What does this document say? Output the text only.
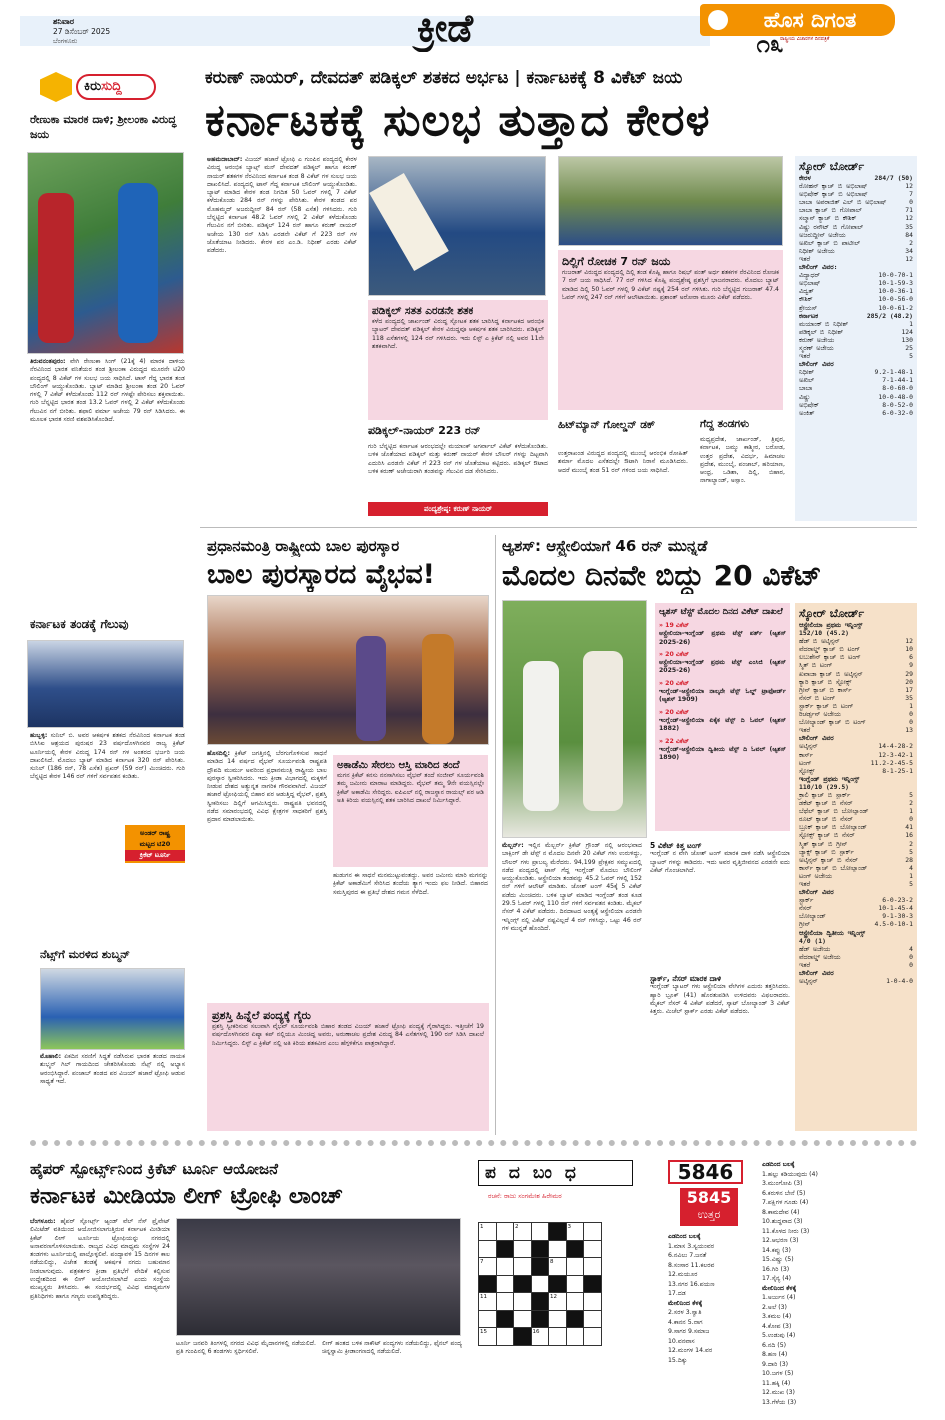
ಶನಿವಾರ
27 ಡಿಸೆಂಬರ್ 2025
ಬೆಂಗಳೂರು	ಕ್ರೀಡೆ	ಹೊಸ ದಿಗಂತ
ರಾಷ್ಟ್ರೀಯ ವಿಚಾರಗಳ ದಿನಪತ್ರಿಕೆ
೧೩
ಕಿರುಸುದ್ದಿ
ರೇಣುಕಾ ಮಾರಕ ದಾಳಿ; ಶ್ರೀಲಂಕಾ ವಿರುದ್ಧ ಜಯ
ತಿರುವನಂತಪುರಂ: ವೇಗಿ ರೇಣುಕಾ ಸಿಂಗ್ (21ಕ್ಕೆ 4) ಮಾರಕ ದಾಳಿಯ ನೆರವಿನಿಂದ ಭಾರತ ವನಿತೆಯರ ತಂಡ ಶ್ರೀಲಂಕಾ ವಿರುದ್ಧದ ಮೂರನೇ ಟಿ20 ಪಂದ್ಯದಲ್ಲಿ 8 ವಿಕೆಟ್ ಗಳ ಸುಲಭ ಜಯ ಸಾಧಿಸಿದೆ. ಟಾಸ್ ಗೆದ್ದ ಭಾರತ ತಂಡ ಬೌಲಿಂಗ್ ಆಯ್ದುಕೊಂಡಿತು. ಬ್ಯಾಟ್ ಮಾಡಿದ ಶ್ರೀಲಂಕಾ ತಂಡ 20 ಓವರ್ ಗಳಲ್ಲಿ 7 ವಿಕೆಟ್ ಕಳೆದುಕೊಂಡು 112 ರನ್ ಗಳಷ್ಟೇ ಪೇರಿಸಲು ಶಕ್ತವಾಯಿತು. ಗುರಿ ಬೆನ್ನಟ್ಟಿದ ಭಾರತ ತಂಡ 13.2 ಓವರ್ ಗಳಲ್ಲಿ 2 ವಿಕೆಟ್ ಕಳೆದುಕೊಂಡು ಗೆಲುವಿನ ನಗೆ ಬೀರಿತು. ಶಫಾಲಿ ವರ್ಮಾ ಅಜೇಯ 79 ರನ್ ಸಿಡಿಸಿದರು. ಈ ಮೂಲಕ ಭಾರತ ಸರಣಿ ವಶಪಡಿಸಿಕೊಂಡಿದೆ.
ಕರ್ನಾಟಕ ತಂಡಕ್ಕೆ ಗೆಲುವು
ಹುಬ್ಬಳ್ಳಿ: ಸುನಿಲ್ ಬಿ. ಅವರ ಆಕರ್ಷಕ ಶತಕದ ನೆರವಿನಿಂದ ಕರ್ನಾಟಕ ತಂಡ ಬಿಸಿಸಿಐ ಆಶ್ರಯದ ಪುರುಷರ 23 ವರ್ಷದೊಳಗಿನವರ ರಾಜ್ಯ ಕ್ರಿಕೆಟ್ ಟೂರ್ನಿಯಲ್ಲಿ ಕೇರಳ ವಿರುದ್ಧ 174 ರನ್ ಗಳ ಅಂತರದ ಭರ್ಜರಿ ಜಯ ದಾಖಲಿಸಿದೆ. ಮೊದಲು ಬ್ಯಾಟ್ ಮಾಡಿದ ಕರ್ನಾಟಕ 320 ರನ್ ಪೇರಿಸಿತು. ಸುನಿಲ್ (186 ರನ್, 78 ಎಸೆತ) ಪ್ರಖರ್ (59 ರನ್) ಮಿಂಚಿದರು. ಗುರಿ ಬೆನ್ನಟ್ಟಿದ ಕೇರಳ 146 ರನ್ ಗಳಿಗೆ ಸರ್ವಪತನ ಕಂಡಿತು.
ಅಂಡರ್ ರಾಷ್ಟ್ರ
ಮಟ್ಟದ ಟಿ20
ಕ್ರಿಕೆಟ್ ಟೂರ್ನಿ
ನೆಟ್ಸ್‌ಗೆ ಮರಳಿದ ಶುಬ್ಮನ್
ಮೊಹಾಲಿ: ಏಕದಿನ ಸರಣಿಗೆ ಸಿದ್ಧತೆ ನಡೆಸಿರುವ ಭಾರತ ತಂಡದ ನಾಯಕ ಶುಭ್ಮನ್ ಗಿಲ್ ಗಾಯದಿಂದ ಚೇತರಿಸಿಕೊಂಡು ನೆಟ್ಸ್ ನಲ್ಲಿ ಅಭ್ಯಾಸ ಆರಂಭಿಸಿದ್ದಾರೆ. ಪಂಜಾಬ್ ತಂಡದ ಪರ ವಿಜಯ್ ಹಜಾರೆ ಟ್ರೋಫಿ ಆಡುವ ಸಾಧ್ಯತೆ ಇದೆ.
ಕರುಣ್ ನಾಯರ್, ದೇವದತ್ ಪಡಿಕ್ಕಲ್ ಶತಕದ ಅರ್ಭಟ | ಕರ್ನಾಟಕಕ್ಕೆ 8 ವಿಕೆಟ್ ಜಯ
ಕರ್ನಾಟಕಕ್ಕೆ ಸುಲಭ ತುತ್ತಾದ ಕೇರಳ
ಅಹಮದಾಬಾದ್: ವಿಜಯ್ ಹಜಾರೆ ಟ್ರೋಫಿ ಎ ಗುಂಪಿನ ಪಂದ್ಯದಲ್ಲಿ ಕೇರಳ ವಿರುದ್ಧ ಆರಂಭಿಕ ಬ್ಯಾಟ್ಸ್ ಮನ್ ದೇವದತ್ ಪಡಿಕ್ಕಲ್ ಹಾಗೂ ಕರುಣ್ ನಾಯರ್ ಶತಕಗಳ ನೆರವಿನಿಂದ ಕರ್ನಾಟಕ ತಂಡ 8 ವಿಕೆಟ್ ಗಳ ಸುಲಭ ಜಯ ದಾಖಲಿಸಿದೆ. ಪಂದ್ಯದಲ್ಲಿ ಟಾಸ್ ಗೆದ್ದ ಕರ್ನಾಟಕ ಬೌಲಿಂಗ್ ಆಯ್ದುಕೊಂಡಿತು. ಬ್ಯಾಟ್ ಮಾಡಿದ ಕೇರಳ ತಂಡ ನಿಗದಿತ 50 ಓವರ್ ಗಳಲ್ಲಿ 7 ವಿಕೆಟ್ ಕಳೆದುಕೊಂಡು 284 ರನ್ ಗಳನ್ನು ಪೇರಿಸಿತು. ಕೇರಳ ತಂಡದ ಪರ ಮೊಹಮ್ಮದ್ ಅಜರುದ್ದೀನ್ 84 ರನ್ (58 ಎಸೆತ) ಗಳಿಸಿದರು. ಗುರಿ ಬೆನ್ನಟ್ಟಿದ ಕರ್ನಾಟಕ 48.2 ಓವರ್ ಗಳಲ್ಲಿ 2 ವಿಕೆಟ್ ಕಳೆದುಕೊಂಡು ಗೆಲುವಿನ ನಗೆ ಬೀರಿತು. ಪಡಿಕ್ಕಲ್ 124 ರನ್ ಹಾಗೂ ಕರುಣ್ ನಾಯರ್ ಅಜೇಯ 130 ರನ್ ಸಿಡಿಸಿ ಎರಡನೇ ವಿಕೆಟ್ ಗೆ 223 ರನ್ ಗಳ ಜೊತೆಯಾಟ ನೀಡಿದರು. ಕೇರಳ ಪರ ಎಂ.ಡಿ. ನಿಧೀಶ್ ಎರಡು ವಿಕೆಟ್ ಪಡೆದರು.
ಪಡಿಕ್ಕಲ್ ಸತತ ಎರಡನೇ ಶತಕ
ಕಳೆದ ಪಂದ್ಯದಲ್ಲಿ ಜಾರ್ಖಂಡ್ ವಿರುದ್ಧ ಸ್ಫೋಟಕ ಶತಕ ಬಾರಿಸಿದ್ದ ಕರ್ನಾಟಕದ ಆರಂಭಿಕ ಬ್ಯಾಟರ್ ದೇವದತ್ ಪಡಿಕ್ಕಲ್ ಕೇರಳ ವಿರುದ್ಧವೂ ಆಕರ್ಷಕ ಶತಕ ಬಾರಿಸಿದರು. ಪಡಿಕ್ಕಲ್ 118 ಎಸೆತಗಳಲ್ಲಿ 124 ರನ್ ಗಳಿಸಿದರು. ಇದು ಲಿಸ್ಟ್ ಎ ಕ್ರಿಕೆಟ್ ನಲ್ಲಿ ಅವರ 11ನೇ ಶತಕವಾಗಿದೆ.
ದಿಲ್ಲಿಗೆ ರೋಚಕ 7 ರನ್ ಜಯ
ಗುಜರಾತ್ ವಿರುದ್ಧದ ಪಂದ್ಯದಲ್ಲಿ ದಿಲ್ಲಿ ತಂಡ ಕೊಹ್ಲಿ ಹಾಗೂ ರಿಷಭ್ ಪಂತ್ ಅರ್ಧ ಶತಕಗಳ ನೆರವಿನಿಂದ ರೋಚಕ 7 ರನ್ ಜಯ ಸಾಧಿಸಿದೆ. 77 ರನ್ ಗಳಿಸಿದ ಕೊಹ್ಲಿ ಪಂದ್ಯಶ್ರೇಷ್ಠ ಪ್ರಶಸ್ತಿಗೆ ಭಾಜನರಾದರು. ಮೊದಲು ಬ್ಯಾಟ್ ಮಾಡಿದ ದಿಲ್ಲಿ 50 ಓವರ್ ಗಳಲ್ಲಿ 9 ವಿಕೆಟ್ ನಷ್ಟಕ್ಕೆ 254 ರನ್ ಗಳಿಸಿತು. ಗುರಿ ಬೆನ್ನಟ್ಟಿದ ಗುಜರಾತ್ 47.4 ಓವರ್ ಗಳಲ್ಲಿ 247 ರನ್ ಗಳಿಗೆ ಆಲೌಟಾಯಿತು. ಪ್ರಶಾಂತ್ ಅರೋರಾ ಮೂರು ವಿಕೆಟ್ ಪಡೆದರು.
ಪಡಿಕ್ಕಲ್-ನಾಯರ್ 223 ರನ್
ಗುರಿ ಬೆನ್ನಟ್ಟಿದ ಕರ್ನಾಟಕ ಆರಂಭದಲ್ಲೇ ಮಯಾಂಕ್ ಅಗರ್ವಾಲ್ ವಿಕೆಟ್ ಕಳೆದುಕೊಂಡಿತು. ಬಳಿಕ ಜೊತೆಯಾದ ಪಡಿಕ್ಕಲ್ ಮತ್ತು ಕರುಣ್ ನಾಯರ್ ಕೇರಳ ಬೌಲರ್ ಗಳನ್ನು ದಿಟ್ಟವಾಗಿ ಎದುರಿಸಿ ಎರಡನೇ ವಿಕೆಟ್ ಗೆ 223 ರನ್ ಗಳ ಜೊತೆಯಾಟ ಕಟ್ಟಿದರು. ಪಡಿಕ್ಕಲ್ ಔಟಾದ ಬಳಿಕ ಕರುಣ್ ಅಜೇಯರಾಗಿ ತಂಡವನ್ನು ಗೆಲುವಿನ ದಡ ಸೇರಿಸಿದರು.
ಪಂದ್ಯಶ್ರೇಷ್ಠ: ಕರುಣ್ ನಾಯರ್
ಹಿಟ್‌ಮ್ಯಾನ್ ಗೋಲ್ಡನ್ ಡಕ್
ಉತ್ತರಾಖಂಡ ವಿರುದ್ಧದ ಪಂದ್ಯದಲ್ಲಿ ಮುಂಬೈ ಆರಂಭಿಕ ರೋಹಿತ್ ಶರ್ಮಾ ಮೊದಲ ಎಸೆತದಲ್ಲೇ ಔಟಾಗಿ ನಿರಾಸೆ ಮೂಡಿಸಿದರು. ಆದರೆ ಮುಂಬೈ ತಂಡ 51 ರನ್ ಗಳಿಂದ ಜಯ ಸಾಧಿಸಿದೆ.
ಗೆದ್ದ ತಂಡಗಳು
ಮಧ್ಯಪ್ರದೇಶ, ಜಾರ್ಖಂಡ್, ತ್ರಿಪುರ, ಕರ್ನಾಟಕ, ಜಮ್ಮು ಕಾಶ್ಮೀರ, ಬರೋಡ, ಉತ್ತರ ಪ್ರದೇಶ, ವಿದರ್ಭ, ಹಿಮಾಚಲ ಪ್ರದೇಶ, ಮುಂಬೈ, ಪಂಜಾಬ್, ಹರಿಯಾಣ, ಆಂಧ್ರ, ಒಡಿಶಾ, ದಿಲ್ಲಿ, ಬಿಹಾರ, ನಾಗಾಲ್ಯಾಂಡ್, ಅಸ್ಸಾಂ.
ಸ್ಕೋರ್ ಬೋರ್ಡ್
ಕೇರಳ	284/7 (50)
ರೋಹನ್ ಕ್ಯಾಚ್ ಬಿ ಅಭಿಲಾಷ್	12
ಅಭಿಷೇಕ್ ಕ್ಯಾಚ್ ಬಿ ಅಭಿಲಾಷ್	7
ಬಾಬಾ ಅಪರಾಜಿತ್ ಎಲ್ ಬಿ ಅಭಿಲಾಷ್	0
ಬಾಬಾ ಕ್ಯಾಚ್ ಬಿ ಗೋಪಾಲ್	71
ಸಲ್ಮಾನ್ ಕ್ಯಾಚ್ ಬಿ ಕೌಶಿಕ್	12
ವಿಷ್ಣು ರನೌಟ್ ಬಿ ಗೋಪಾಲ್	35
ಅಜರುದ್ದೀನ್ ಅಜೇಯ	84
ಅಖಿಲ್ ಕ್ಯಾಚ್ ಬಿ ಪಾಟೀಲ್	2
ನಿಧೀಶ್ ಅಜೇಯ	34
ಇತರೆ	12
ಬೌಲಿಂಗ್ ವಿವರ:
ವಿದ್ಯಾಧರ್	10-0-70-1
ಅಭಿಲಾಷ್	10-1-59-3
ವಿದ್ವತ್	10-0-36-1
ಕೌಶಿಕ್	10-0-56-0
ಶ್ರೇಯಸ್	10-0-61-2
ಕರ್ನಾಟಕ	285/2 (48.2)
ಮಯಾಂಕ್ ಬಿ ನಿಧೀಶ್	1
ಪಡಿಕ್ಕಲ್ ಬಿ ನಿಧೀಶ್	124
ಕರುಣ್ ಅಜೇಯ	130
ಸ್ಮರಣ್ ಅಜೇಯ	25
ಇತರೆ	5
ಬೌಲಿಂಗ್ ವಿವರ
ನಿಧೀಶ್	9.2-1-48-1
ಅಖಿಲ್	7-1-44-1
ಬಾಬಾ	8-0-60-0
ವಿಷ್ಣು	10-0-48-0
ಅಭಿಷೇಕ್	8-0-52-0
ಅಂಕಿತ್	6-0-32-0
ಪ್ರಧಾನಮಂತ್ರಿ ರಾಷ್ಟ್ರೀಯ ಬಾಲ ಪುರಸ್ಕಾರ
ಬಾಲ ಪುರಸ್ಕಾರದ ವೈಭವ!
ಹೊಸದಿಲ್ಲಿ: ಕ್ರಿಕೆಟ್ ಜಗತ್ತಿನಲ್ಲಿ ಬೆರಗುಗೊಳಿಸುವ ಸಾಧನೆ ಮಾಡಿದ 14 ವರ್ಷದ ವೈಭವ್ ಸೂರ್ಯವಂಶಿ ರಾಷ್ಟ್ರಪತಿ ದ್ರೌಪದಿ ಮುರ್ಮು ಅವರಿಂದ ಪ್ರಧಾನಮಂತ್ರಿ ರಾಷ್ಟ್ರೀಯ ಬಾಲ ಪುರಸ್ಕಾರ ಸ್ವೀಕರಿಸಿದರು. ಇದು ಕ್ರೀಡಾ ವಿಭಾಗದಲ್ಲಿ ಮಕ್ಕಳಿಗೆ ನೀಡುವ ದೇಶದ ಅತ್ಯುನ್ನತ ನಾಗರಿಕ ಗೌರವವಾಗಿದೆ. ವಿಜಯ್ ಹಜಾರೆ ಟ್ರೋಫಿಯಲ್ಲಿ ಬಿಹಾರ ಪರ ಆಡುತ್ತಿದ್ದ ವೈಭವ್, ಪ್ರಶಸ್ತಿ ಸ್ವೀಕರಿಸಲು ದಿಲ್ಲಿಗೆ ಆಗಮಿಸಿದ್ದರು. ರಾಷ್ಟ್ರಪತಿ ಭವನದಲ್ಲಿ ನಡೆದ ಸಮಾರಂಭದಲ್ಲಿ ವಿವಿಧ ಕ್ಷೇತ್ರಗಳ ಸಾಧಕರಿಗೆ ಪ್ರಶಸ್ತಿ ಪ್ರದಾನ ಮಾಡಲಾಯಿತು.
ಅಕಾಡೆಮಿ ಸೇರಲು ಆಸ್ತಿ ಮಾರಿದ ತಂದೆ
ಮಗನ ಕ್ರಿಕೆಟ್ ಕನಸು ನನಸಾಗಿಸಲು ವೈಭವ್ ತಂದೆ ಸಂಜೀವ್ ಸೂರ್ಯವಂಶಿ ತಮ್ಮ ಜಮೀನು ಮಾರಾಟ ಮಾಡಿದ್ದರು. ವೈಭವ್ ತಮ್ಮ 9ನೇ ವಯಸ್ಸಿನಲ್ಲೇ ಕ್ರಿಕೆಟ್ ಅಕಾಡೆಮಿ ಸೇರಿದ್ದರು. ಐಪಿಎಲ್ ನಲ್ಲಿ ರಾಜಸ್ಥಾನ ರಾಯಲ್ಸ್ ಪರ ಆಡಿ ಅತಿ ಕಿರಿಯ ವಯಸ್ಸಿನಲ್ಲಿ ಶತಕ ಬಾರಿಸಿದ ದಾಖಲೆ ನಿರ್ಮಿಸಿದ್ದಾರೆ.
ಹುಡುಗನ ಈ ಸಾಧನೆ ಮನಮುಟ್ಟುವಂತದ್ದು. ಅವರ ಜಮೀನು ಮಾರಿ ಮಗನನ್ನು ಕ್ರಿಕೆಟ್ ಅಕಾಡೆಮಿಗೆ ಸೇರಿಸಿದ ತಂದೆಯ ತ್ಯಾಗ ಇಂದು ಫಲ ನೀಡಿದೆ. ಬಿಹಾರದ ಸಮಸ್ತಿಪುರದ ಈ ಪ್ರತಿಭೆ ದೇಶದ ಗಮನ ಸೆಳೆದಿದೆ.
ಪ್ರಶಸ್ತಿ ಹಿನ್ನೆಲೆ ಪಂದ್ಯಕ್ಕೆ ಗೈರು
ಪ್ರಶಸ್ತಿ ಸ್ವೀಕರಿಸುವ ಸಲುವಾಗಿ ವೈಭವ್ ಸೂರ್ಯವಂಶಿ ಬಿಹಾರ ತಂಡದ ವಿಜಯ್ ಹಜಾರೆ ಟ್ರೋಫಿ ಪಂದ್ಯಕ್ಕೆ ಗೈರಾಗಿದ್ದರು. ಇತ್ತೀಚೆಗೆ 19 ವರ್ಷದೊಳಗಿನವರ ಏಷ್ಯಾ ಕಪ್ ನಲ್ಲಿಯೂ ಮಿಂಚಿದ್ದ ಅವರು, ಅರುಣಾಚಲ ಪ್ರದೇಶ ವಿರುದ್ಧ 84 ಎಸೆತಗಳಲ್ಲಿ 190 ರನ್ ಸಿಡಿಸಿ ದಾಖಲೆ ನಿರ್ಮಿಸಿದ್ದರು. ಲಿಸ್ಟ್ ಎ ಕ್ರಿಕೆಟ್ ನಲ್ಲಿ ಅತಿ ಕಿರಿಯ ಶತಕವೀರ ಎಂಬ ಹೆಗ್ಗಳಿಕೆಗೂ ಪಾತ್ರರಾಗಿದ್ದಾರೆ.
ಆ್ಯಶಸ್: ಆಸ್ಟ್ರೇಲಿಯಾಗೆ 46 ರನ್ ಮುನ್ನಡೆ
ಮೊದಲ ದಿನವೇ ಬಿದ್ದು 20 ವಿಕೆಟ್
ಆ್ಯಶಸ್ ಟೆಸ್ಟ್ ಮೊದಲ ದಿನದ ವಿಕೆಟ್ ದಾಖಲೆ
» 19 ವಿಕೆಟ್
ಆಸ್ಟ್ರೇಲಿಯಾ-ಇಂಗ್ಲೆಂಡ್ ಪ್ರಥಮ ಟೆಸ್ಟ್ ಪರ್ತ್ (ಆ್ಯಶಸ್ 2025-26)
» 20 ವಿಕೆಟ್
ಆಸ್ಟ್ರೇಲಿಯಾ-ಇಂಗ್ಲೆಂಡ್ ಪ್ರಥಮ ಟೆಸ್ಟ್ ಎಂಸಿಜಿ (ಆ್ಯಶಸ್ 2025-26)
» 20 ವಿಕೆಟ್
ಇಂಗ್ಲೆಂಡ್-ಆಸ್ಟ್ರೇಲಿಯಾ ನಾಲ್ಕನೇ ಟೆಸ್ಟ್ ಓಲ್ಡ್ ಟ್ರಾಫೋರ್ಡ್ (ಆ್ಯಶಸ್ 1909)
» 20 ವಿಕೆಟ್
ಇಂಗ್ಲೆಂಡ್-ಆಸ್ಟ್ರೇಲಿಯಾ ಏಕೈಕ ಟೆಸ್ಟ್ ದಿ ಓವಲ್ (ಆ್ಯಶಸ್ 1882)
» 22 ವಿಕೆಟ್
ಇಂಗ್ಲೆಂಡ್-ಆಸ್ಟ್ರೇಲಿಯಾ ದ್ವಿತೀಯ ಟೆಸ್ಟ್ ದಿ ಓವಲ್ (ಆ್ಯಶಸ್ 1890)
ಮೆಲ್ಬರ್ನ್: ಇಲ್ಲಿನ ಮೆಲ್ಬರ್ನ್ ಕ್ರಿಕೆಟ್ ಗ್ರೌಂಡ್ ನಲ್ಲಿ ಆರಂಭವಾದ ಬಾಕ್ಸಿಂಗ್ ಡೇ ಟೆಸ್ಟ್ ನ ಮೊದಲ ದಿನವೇ 20 ವಿಕೆಟ್ ಗಳು ಉರುಳಿದ್ದು, ಬೌಲರ್ ಗಳು ಪ್ರಾಬಲ್ಯ ಮೆರೆದರು. 94,199 ಪ್ರೇಕ್ಷಕರ ಸಮ್ಮುಖದಲ್ಲಿ ನಡೆದ ಪಂದ್ಯದಲ್ಲಿ ಟಾಸ್ ಗೆದ್ದ ಇಂಗ್ಲೆಂಡ್ ಮೊದಲು ಬೌಲಿಂಗ್ ಆಯ್ದುಕೊಂಡಿತು. ಆಸ್ಟ್ರೇಲಿಯಾ ತಂಡವನ್ನು 45.2 ಓವರ್ ಗಳಲ್ಲಿ 152 ರನ್ ಗಳಿಗೆ ಆಲೌಟ್ ಮಾಡಿತು. ಜೋಶ್ ಟಂಗ್ 45ಕ್ಕೆ 5 ವಿಕೆಟ್ ಪಡೆದು ಮಿಂಚಿದರು. ಬಳಿಕ ಬ್ಯಾಟ್ ಮಾಡಿದ ಇಂಗ್ಲೆಂಡ್ ತಂಡ ಕೂಡ 29.5 ಓವರ್ ಗಳಲ್ಲಿ 110 ರನ್ ಗಳಿಗೆ ಸರ್ವಪತನ ಕಂಡಿತು. ಮೈಕಲ್ ನೆಸರ್ 4 ವಿಕೆಟ್ ಪಡೆದರು. ದಿನದಾಟದ ಅಂತ್ಯಕ್ಕೆ ಆಸ್ಟ್ರೇಲಿಯಾ ಎರಡನೇ ಇನ್ನಿಂಗ್ಸ್ ನಲ್ಲಿ ವಿಕೆಟ್ ನಷ್ಟವಿಲ್ಲದೆ 4 ರನ್ ಗಳಿಸಿದ್ದು, ಒಟ್ಟು 46 ರನ್ ಗಳ ಮುನ್ನಡೆ ಹೊಂದಿದೆ.
5 ವಿಕೆಟ್ ಕಿತ್ತ ಟಂಗ್
ಇಂಗ್ಲೆಂಡ್ ನ ವೇಗಿ ಜೋಶ್ ಟಂಗ್ ಮಾರಕ ದಾಳಿ ನಡೆಸಿ ಆಸ್ಟ್ರೇಲಿಯಾ ಬ್ಯಾಟರ್ ಗಳನ್ನು ಕಾಡಿದರು. ಇದು ಅವರ ವೃತ್ತಿಜೀವನದ ಎರಡನೇ ಐದು ವಿಕೆಟ್ ಗೊಂಚಲಾಗಿದೆ.
ಸ್ಟಾರ್ಕ್, ನೆಸರ್ ಮಾರಕ ದಾಳಿ
ಇಂಗ್ಲೆಂಡ್ ಬ್ಯಾಟರ್ ಗಳು ಆಸ್ಟ್ರೇಲಿಯಾ ವೇಗಿಗಳ ಎದುರು ತತ್ತರಿಸಿದರು. ಹ್ಯಾರಿ ಬ್ರೂಕ್ (41) ಹೊರತುಪಡಿಸಿ ಉಳಿದವರು ವಿಫಲರಾದರು. ಮೈಕಲ್ ನೆಸರ್ 4 ವಿಕೆಟ್ ಪಡೆದರೆ, ಸ್ಕಾಟ್ ಬೋಲ್ಯಾಂಡ್ 3 ವಿಕೆಟ್ ಕಿತ್ತರು. ಮಿಚೆಲ್ ಸ್ಟಾರ್ಕ್ ಎರಡು ವಿಕೆಟ್ ಪಡೆದರು.
ಸ್ಕೋರ್ ಬೋರ್ಡ್
ಆಸ್ಟ್ರೇಲಿಯಾ ಪ್ರಥಮ ಇನ್ನಿಂಗ್ಸ್
152/10 (45.2)
ಹೆಡ್ ಬಿ ಅಟ್ಕಿನ್ಸನ್	12
ವೆದರಾಲ್ಡ್ ಕ್ಯಾಚ್ ಬಿ ಟಂಗ್	10
ಲಬುಶೇನ್ ಕ್ಯಾಚ್ ಬಿ ಟಂಗ್	6
ಸ್ಮಿತ್ ಬಿ ಟಂಗ್	9
ಖವಾಜಾ ಕ್ಯಾಚ್ ಬಿ ಅಟ್ಕಿನ್ಸನ್	29
ಕ್ಯಾರಿ ಕ್ಯಾಚ್ ಬಿ ಸ್ಟೋಕ್ಸ್	20
ಗ್ರೀನ್ ಕ್ಯಾಚ್ ಬಿ ಕಾರ್ಸ್	17
ನೆಸರ್ ಬಿ ಟಂಗ್	35
ಸ್ಟಾರ್ಕ್ ಕ್ಯಾಚ್ ಬಿ ಟಂಗ್	1
ರಿಚರ್ಡ್ಸನ್ ಅಜೇಯ	0
ಬೋಲ್ಯಾಂಡ್ ಕ್ಯಾಚ್ ಬಿ ಟಂಗ್	0
ಇತರೆ	13
ಬೌಲಿಂಗ್ ವಿವರ
ಅಟ್ಕಿನ್ಸನ್	14-4-28-2
ಕಾರ್ಸ್	12-3-42-1
ಟಂಗ್	11.2-2-45-5
ಸ್ಟೋಕ್ಸ್	8-1-25-1
ಇಂಗ್ಲೆಂಡ್ ಪ್ರಥಮ ಇನ್ನಿಂಗ್ಸ್
110/10 (29.5)
ಕ್ರಾಲಿ ಕ್ಯಾಚ್ ಬಿ ಸ್ಟಾರ್ಕ್	5
ಡಕೆಟ್ ಕ್ಯಾಚ್ ಬಿ ನೆಸರ್	2
ಬೆಥೆಲ್ ಕ್ಯಾಚ್ ಬಿ ಬೋಲ್ಯಾಂಡ್	1
ರೂಟ್ ಕ್ಯಾಚ್ ಬಿ ನೆಸರ್	0
ಬ್ರೂಕ್ ಕ್ಯಾಚ್ ಬಿ ಬೋಲ್ಯಾಂಡ್	41
ಸ್ಟೋಕ್ಸ್ ಕ್ಯಾಚ್ ಬಿ ನೆಸರ್	16
ಸ್ಮಿತ್ ಕ್ಯಾಚ್ ಬಿ ಗ್ರೀನ್	2
ಜ್ಯಾಕ್ಸ್ ಕ್ಯಾಚ್ ಬಿ ಸ್ಟಾರ್ಕ್	5
ಅಟ್ಕಿನ್ಸನ್ ಕ್ಯಾಚ್ ಬಿ ನೆಸರ್	28
ಕಾರ್ಸ್ ಕ್ಯಾಚ್ ಬಿ ಬೋಲ್ಯಾಂಡ್	4
ಟಂಗ್ ಅಜೇಯ	1
ಇತರೆ	5
ಬೌಲಿಂಗ್ ವಿವರ
ಸ್ಟಾರ್ಕ್	6-0-23-2
ನೆಸರ್	10-1-45-4
ಬೋಲ್ಯಾಂಡ್	9-1-30-3
ಗ್ರೀನ್	4.5-0-10-1
ಆಸ್ಟ್ರೇಲಿಯಾ ದ್ವಿತೀಯ ಇನ್ನಿಂಗ್ಸ್
4/0 (1)
ಹೆಡ್ ಅಜೇಯ	4
ವೆದರಾಲ್ಡ್ ಅಜೇಯ	0
ಇತರೆ	0
ಬೌಲಿಂಗ್ ವಿವರ
ಅಟ್ಕಿನ್ಸನ್	1-0-4-0
ಹೈಪರ್ ಸ್ಪೋರ್ಟ್ಸ್‌ನಿಂದ ಕ್ರಿಕೆಟ್ ಟೂರ್ನಿ ಆಯೋಜನೆ
ಕರ್ನಾಟಕ ಮೀಡಿಯಾ ಲೀಗ್ ಟ್ರೋಫಿ ಲಾಂಚ್
ಬೆಂಗಳೂರು: ಹೈಪರ್ ಸ್ಪೋರ್ಟ್ಸ್ ಆ್ಯಂಡ್ ವೆಲ್ ನೆಸ್ ಪ್ರೈವೇಟ್ ಲಿಮಿಟೆಡ್ ವತಿಯಿಂದ ಆಯೋಜಿಸಲಾಗುತ್ತಿರುವ ಕರ್ನಾಟಕ ಮೀಡಿಯಾ ಕ್ರಿಕೆಟ್ ಲೀಗ್ ಟೂರ್ನಿಯ ಟ್ರೋಫಿಯನ್ನು ನಗರದಲ್ಲಿ ಅನಾವರಣಗೊಳಿಸಲಾಯಿತು. ರಾಜ್ಯದ ವಿವಿಧ ಮಾಧ್ಯಮ ಸಂಸ್ಥೆಗಳ 24 ತಂಡಗಳು ಟೂರ್ನಿಯಲ್ಲಿ ಪಾಲ್ಗೊಳ್ಳಲಿವೆ. ಪಂದ್ಯಾವಳಿ 15 ದಿನಗಳ ಕಾಲ ನಡೆಯಲಿದ್ದು, ವಿಜೇತ ತಂಡಕ್ಕೆ ಆಕರ್ಷಕ ನಗದು ಬಹುಮಾನ ನೀಡಲಾಗುವುದು. ಪತ್ರಕರ್ತರ ಕ್ರೀಡಾ ಪ್ರತಿಭೆಗೆ ವೇದಿಕೆ ಕಲ್ಪಿಸುವ ಉದ್ದೇಶದಿಂದ ಈ ಲೀಗ್ ಆಯೋಜಿಸಲಾಗಿದೆ ಎಂದು ಸಂಸ್ಥೆಯ ಮುಖ್ಯಸ್ಥರು ತಿಳಿಸಿದರು. ಈ ಸಂದರ್ಭದಲ್ಲಿ ವಿವಿಧ ಮಾಧ್ಯಮಗಳ ಪ್ರತಿನಿಧಿಗಳು ಹಾಗೂ ಗಣ್ಯರು ಉಪಸ್ಥಿತರಿದ್ದರು.
ಟೂರ್ನಿ ಜನವರಿ ತಿಂಗಳಲ್ಲಿ ನಗರದ ವಿವಿಧ ಮೈದಾನಗಳಲ್ಲಿ ನಡೆಯಲಿದೆ. ಪ್ರತಿ ಗುಂಪಿನಲ್ಲಿ 6 ತಂಡಗಳು ಸ್ಪರ್ಧಿಸಲಿವೆ.
ಲೀಗ್ ಹಂತದ ಬಳಿಕ ನಾಕೌಟ್ ಪಂದ್ಯಗಳು ನಡೆಯಲಿದ್ದು, ಫೈನಲ್ ಪಂದ್ಯ ಚಿನ್ನಸ್ವಾಮಿ ಕ್ರೀಡಾಂಗಣದಲ್ಲಿ ನಡೆಯಲಿದೆ.
ಪದಬಂಧ
ರಚನೆ: ರಾಜು ಸಂಗಮೇಶ ಹಿರೇಮಠ
1		2			3	

7				8		

11				12		

15			16			
5846
5845
ಉತ್ತರ
ಎಡದಿಂದ ಬಲಕ್ಕೆ
1.ಮಾಸ 3.ಸ್ವಯಂವರ
6.ನವಿಲು 7.ಜನತೆ
8.ಸಂಸಾರ 11.ಕಲರವ
12.ಮಯೂರ
13.ನಗರ 16.ಪಯಣ
17.ದಡ
ಮೇಲಿನಿಂದ ಕೆಳಕ್ಕೆ
2.ಸರಳ 3.ಸ್ವಾತಿ
4.ಕಾನನ 5.ನಾಗ
9.ಸಾಗರ 9.ಸಮಾಜ
10.ವನವಾಸ
12.ಮಂಗಳ 14.ವರ
15.ದಿಕ್ಕು
ಎಡದಿಂದ ಬಲಕ್ಕೆ
1.ಹಲ್ಲು ಕಡಿಯುವುದು (4)
3.ಮುಂಗೋಪಿ (3)
6.ಕರುಳಿನ ಬೇನೆ (5)
7.ಪಕ್ಷಿಗಳ ಗೂಡು (4)
8.ಕಾಮದೇವ (4)
10.ಶುದ್ಧವಾದ (3)
11.ಕೊಳದ ನೀರು (3)
12.ಆಭರಣ (3)
14.ಕಪ್ಪು (3)
15.ವಿಷ್ಣು (5)
16.ಗಿರಿ (3)
17.ಸೈನ್ಯ (4)
ಮೇಲಿನಿಂದ ಕೆಳಕ್ಕೆ
1.ಅರ್ಜುನ (4)
2.ಅಲೆ (3)
3.ಕಮಲ (4)
4.ಕೋಪ (3)
5.ಉಡುಪು (4)
6.ನದಿ (5)
8.ಹಣ (4)
9.ದಾರಿ (3)
10.ಜಗಳ (5)
11.ಹಕ್ಕಿ (4)
12.ಮುಖ (3)
13.ಗೆಳೆಯ (3)
